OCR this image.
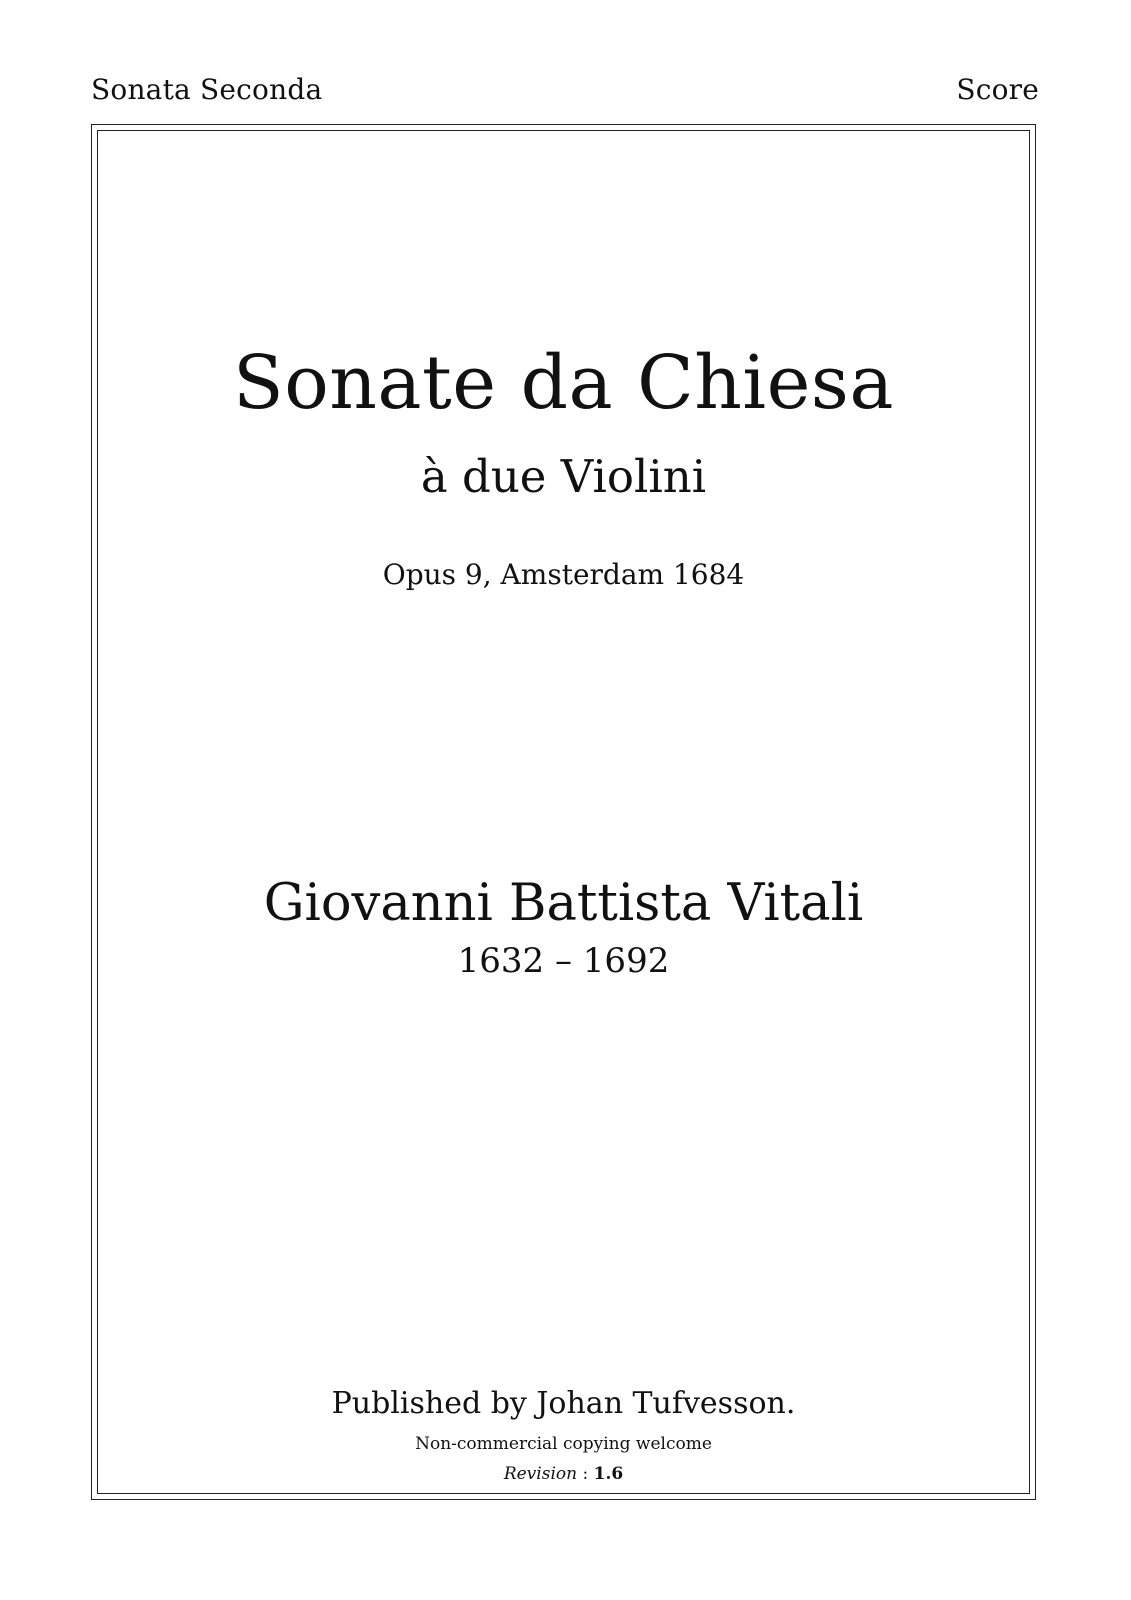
Sonata Seconda	Score
Sonate da Chiesa
à due Violini
Opus 9, Amsterdam 1684
Giovanni Battista Vitali
1632 – 1692
Published by Johan Tufvesson.
Non-commercial copying welcome
Revision : 1.6
